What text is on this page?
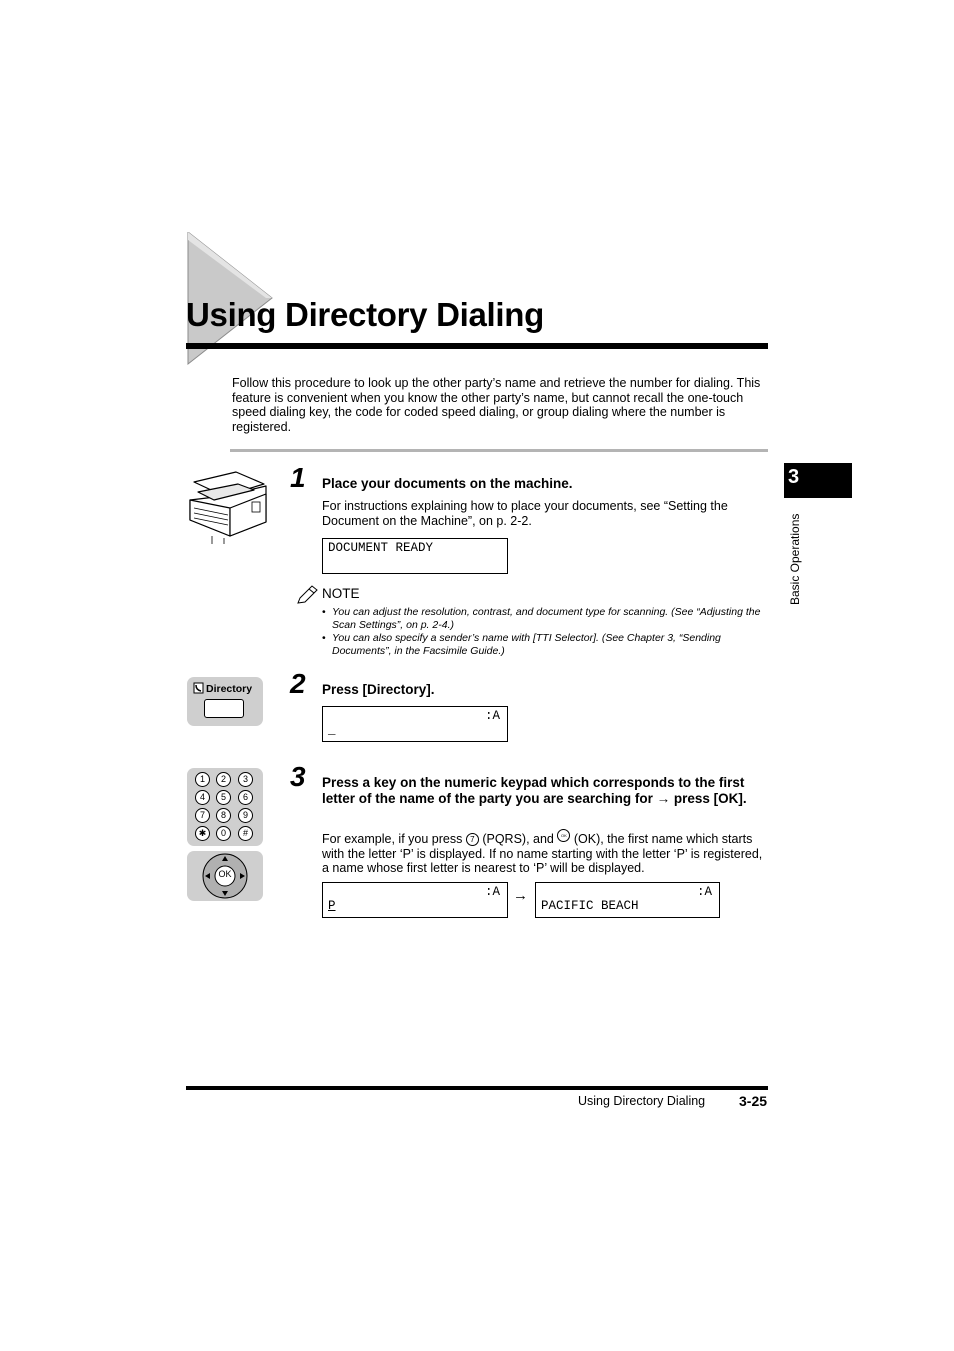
Using Directory Dialing
Follow this procedure to look up the other party’s name and retrieve the number for dialing. This feature is convenient when you know the other party’s name, but cannot recall the one-touch speed dialing key, the code for coded speed dialing, or group dialing where the number is registered.
3
Basic Operations
1 Place your documents on the machine.
For instructions explaining how to place your documents, see “Setting the Document on the Machine”, on p. 2-2.
DOCUMENT READY
NOTE
• You can adjust the resolution, contrast, and document type for scanning. (See “Adjusting the Scan Settings”, on p. 2-4.)
• You can also specify a sender’s name with [TTI Selector]. (See Chapter 3, “Sending Documents”, in the Facsimile Guide.)
Directory 2 Press [Directory].
:A
_
1	2	3
4	5	6
7	8	9
✱	0	#
OK
3 Press a key on the numeric keypad which corresponds to the first letter of the name of the party you are searching for → press [OK].
For example, if you press 7 (PQRS), and OK (OK), the first name which starts with the letter ‘P’ is displayed. If no name starting with the letter ‘P’ is registered, a name whose first letter is nearest to ‘P’ will be displayed.
:A
P
→	:A
PACIFIC BEACH
Using Directory Dialing 3-25
